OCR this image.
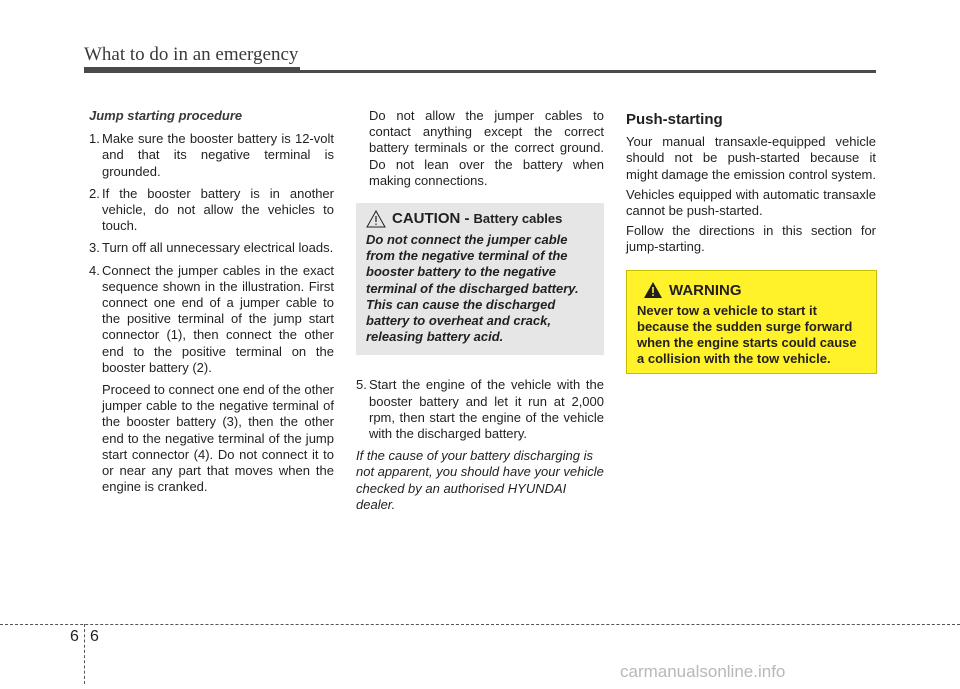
What to do in an emergency
Jump starting procedure
1. Make sure the booster battery is 12-volt and that its negative terminal is grounded.
2. If the booster battery is in another vehicle, do not allow the vehicles to touch.
3. Turn off all unnecessary electrical loads.
4. Connect the jumper cables in the exact sequence shown in the illustration. First connect one end of a jumper cable to the positive terminal of the jump start connector (1), then connect the other end to the positive terminal on the booster battery (2).
Proceed to connect one end of the other jumper cable to the negative terminal of the booster battery (3), then the other end to the negative terminal of the jump start connector (4). Do not connect it to or near any part that moves when the engine is cranked.
Do not allow the jumper cables to contact anything except the correct battery terminals or the correct ground. Do not lean over the battery when making connections.
CAUTION - Battery cables
Do not connect the jumper cable from the negative terminal of the booster battery to the negative terminal of the discharged battery. This can cause the discharged battery to overheat and crack, releasing battery acid.
5. Start the engine of the vehicle with the booster battery and let it run at 2,000 rpm, then start the engine of the vehicle with the discharged battery.
If the cause of your battery discharging is not apparent, you should have your vehicle checked by an authorised HYUNDAI dealer.
Push-starting
Your manual transaxle-equipped vehicle should not be push-started because it might damage the emission control system.
Vehicles equipped with automatic transaxle cannot be push-started.
Follow the directions in this section for jump-starting.
WARNING
Never tow a vehicle to start it because the sudden surge forward when the engine starts could cause a collision with the tow vehicle.
6 6
carmanualsonline.info
